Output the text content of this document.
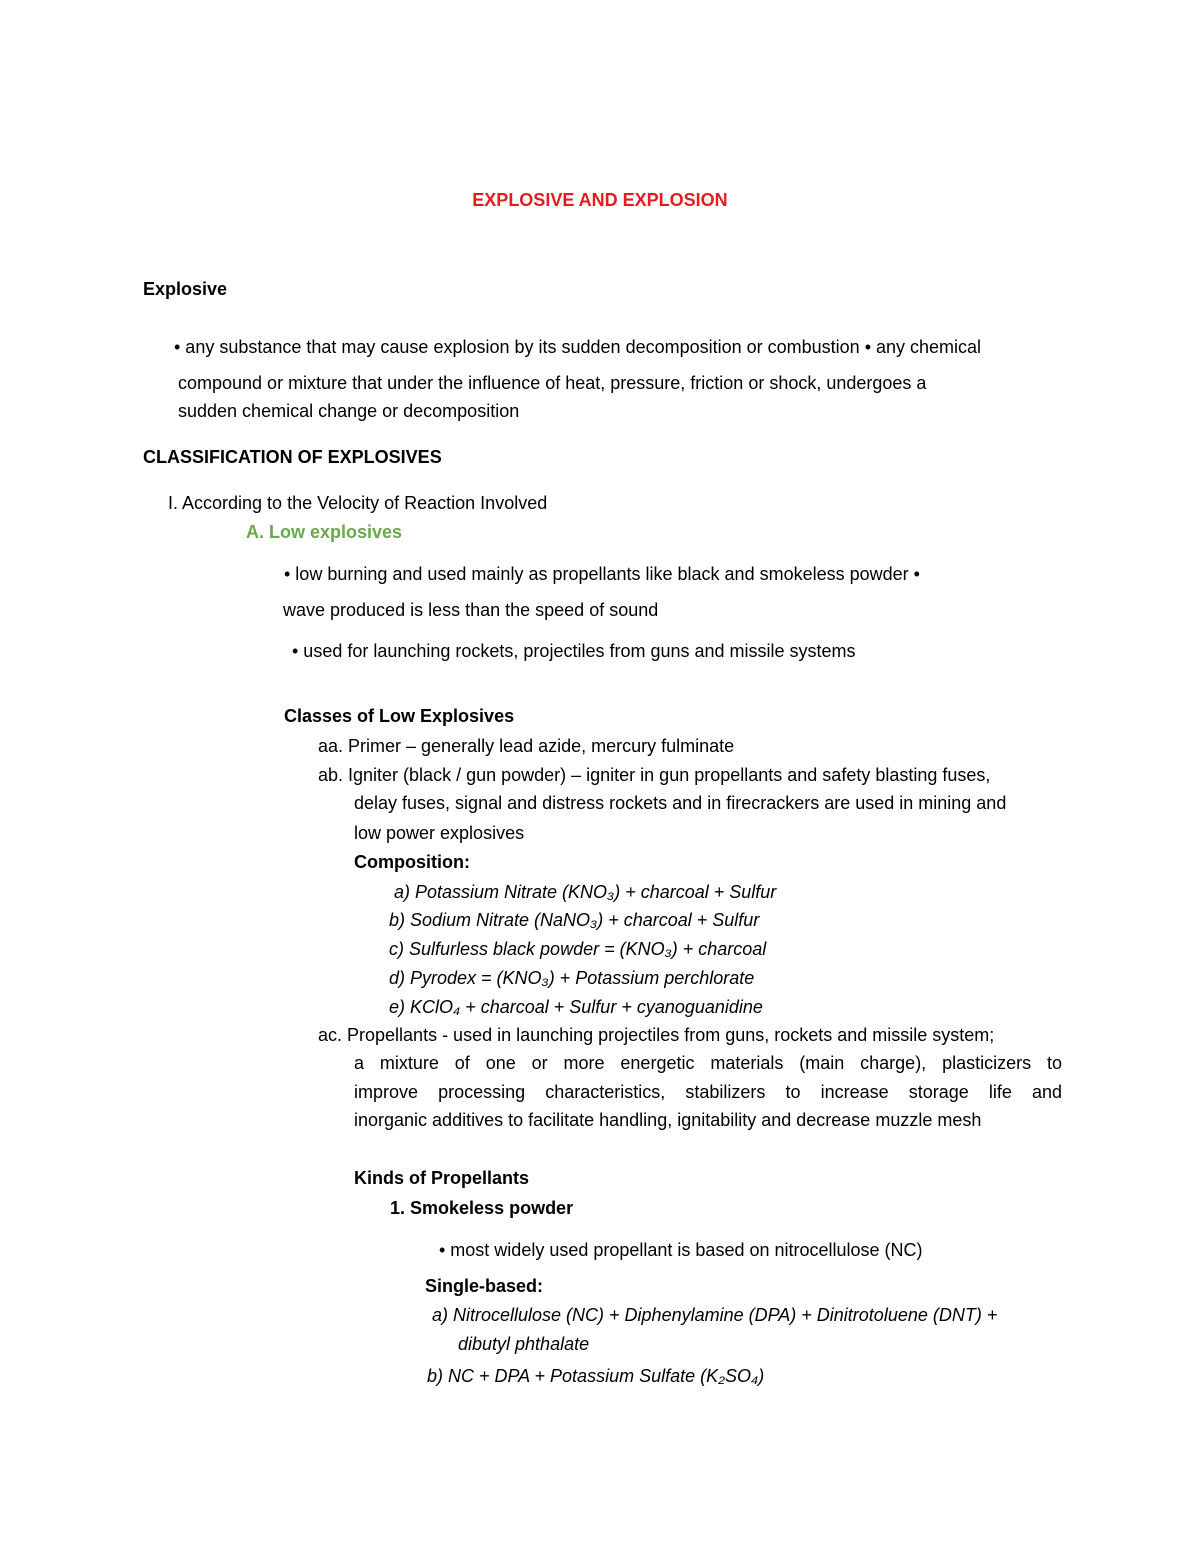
EXPLOSIVE AND EXPLOSION
Explosive
• any substance that may cause explosion by its sudden decomposition or combustion • any chemical
compound or mixture that under the influence of heat, pressure, friction or shock, undergoes a
sudden chemical change or decomposition
CLASSIFICATION OF EXPLOSIVES
I. According to the Velocity of Reaction Involved
A. Low explosives
• low burning and used mainly as propellants like black and smokeless powder •
wave produced is less than the speed of sound
• used for launching rockets, projectiles from guns and missile systems
Classes of Low Explosives
aa. Primer – generally lead azide, mercury fulminate
ab. Igniter (black / gun powder) – igniter in gun propellants and safety blasting fuses,
delay fuses, signal and distress rockets and in firecrackers are used in mining and
low power explosives
Composition:
a) Potassium Nitrate (KNO₃) + charcoal + Sulfur
b) Sodium Nitrate (NaNO₃) + charcoal + Sulfur
c) Sulfurless black powder = (KNO₃) + charcoal
d) Pyrodex = (KNO₃) + Potassium perchlorate
e) KClO₄ + charcoal + Sulfur + cyanoguanidine
ac. Propellants - used in launching projectiles from guns, rockets and missile system;
a mixture of one or more energetic materials (main charge), plasticizers to
improve processing characteristics, stabilizers to increase storage life and
inorganic additives to facilitate handling, ignitability and decrease muzzle mesh
Kinds of Propellants
1. Smokeless powder
• most widely used propellant is based on nitrocellulose (NC)
Single-based:
a) Nitrocellulose (NC) + Diphenylamine (DPA) + Dinitrotoluene (DNT) +
dibutyl phthalate
b) NC + DPA + Potassium Sulfate (K₂SO₄)
